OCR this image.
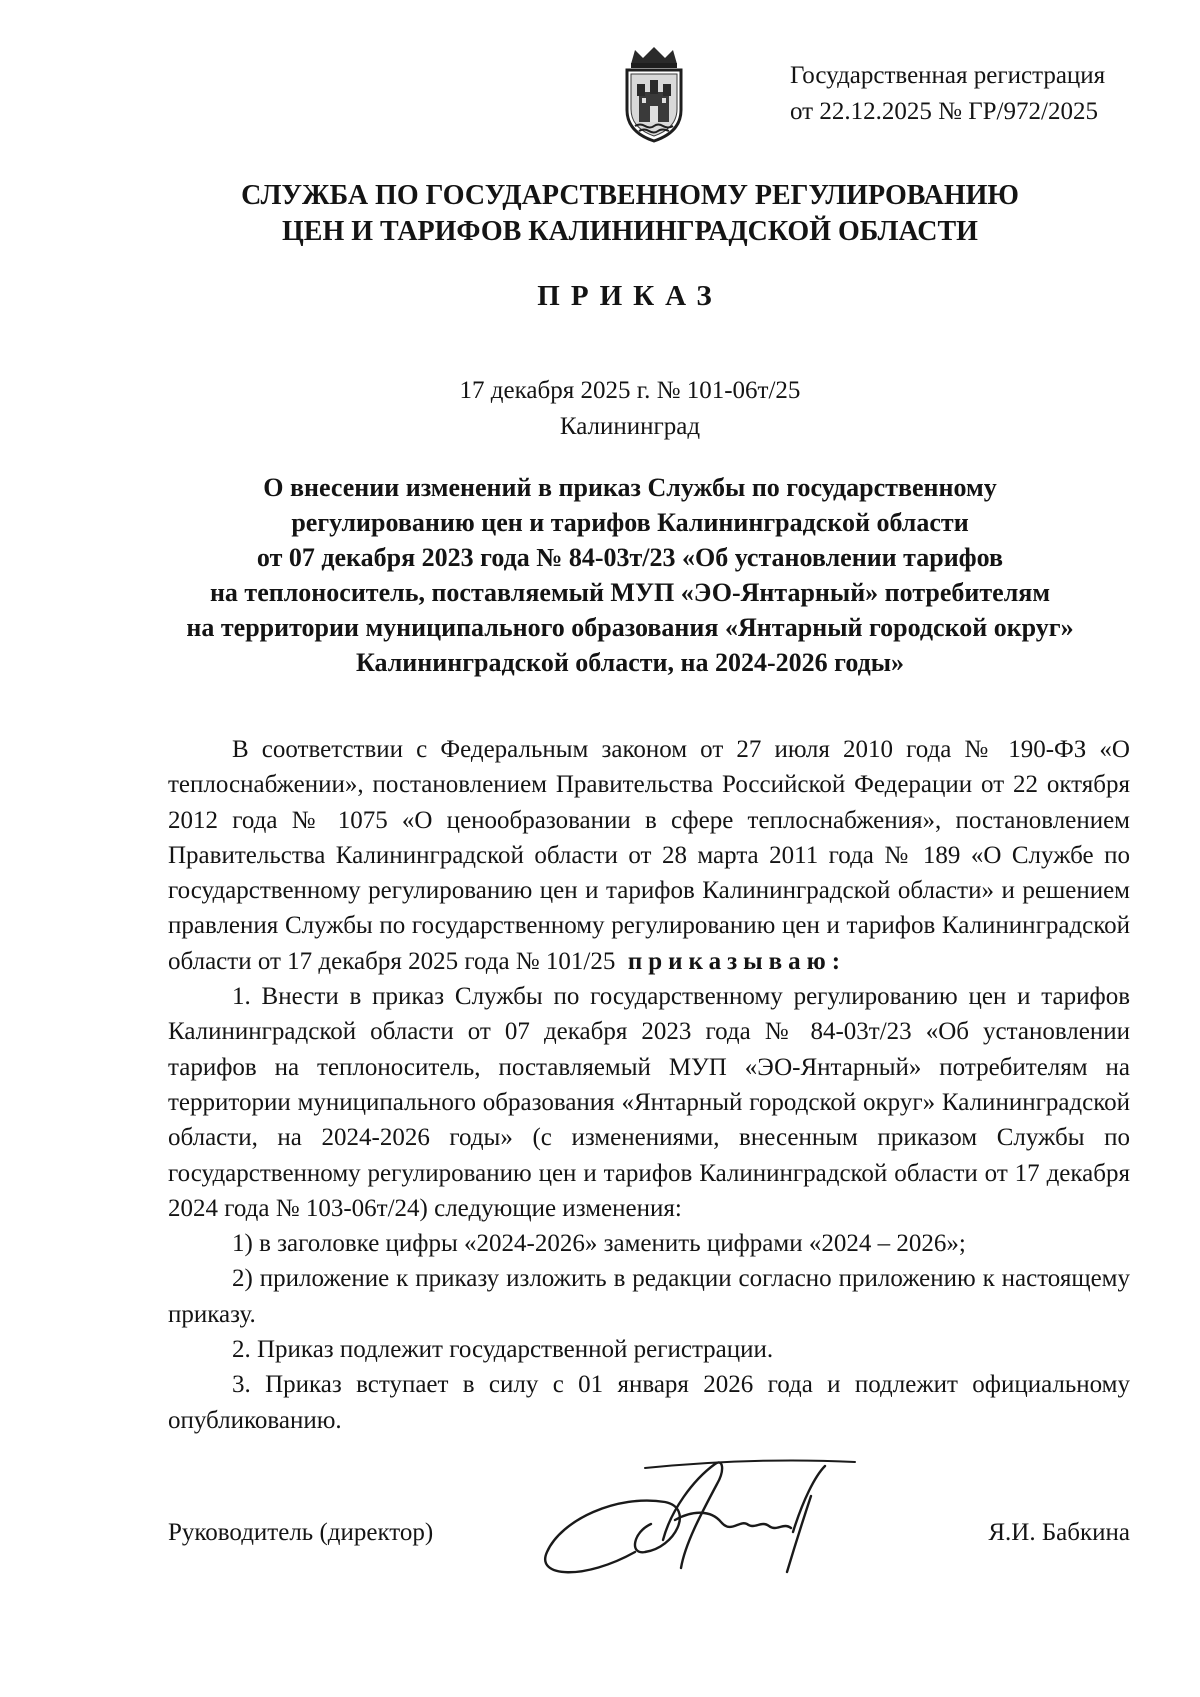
Государственная регистрация
от 22.12.2025 № ГР/972/2025
СЛУЖБА ПО ГОСУДАРСТВЕННОМУ РЕГУЛИРОВАНИЮ
ЦЕН И ТАРИФОВ КАЛИНИНГРАДСКОЙ ОБЛАСТИ
ПРИКАЗ
17 декабря 2025 г. № 101-06т/25
Калининград
О внесении изменений в приказ Службы по государственному
регулированию цен и тарифов Калининградской области
от 07 декабря 2023 года № 84-03т/23 «Об установлении тарифов
на теплоноситель, поставляемый МУП «ЭО-Янтарный» потребителям
на территории муниципального образования «Янтарный городской округ»
Калининградской области, на 2024-2026 годы»

В соответствии с Федеральным законом от 27 июля 2010 года № 190-ФЗ «О теплоснабжении», постановлением Правительства Российской Федерации от 22 октября 2012 года № 1075 «О ценообразовании в сфере теплоснабжения», постановлением Правительства Калининградской области от 28 марта 2011 года № 189 «О Службе по государственному регулированию цен и тарифов Калининградской области» и решением правления Службы по государственному регулированию цен и тарифов Калининградской области от 17 декабря 2025 года № 101/25 приказываю:

1. Внести в приказ Службы по государственному регулированию цен и тарифов Калининградской области от 07 декабря 2023 года № 84-03т/23 «Об установлении тарифов на теплоноситель, поставляемый МУП «ЭО-Янтарный» потребителям на территории муниципального образования «Янтарный городской округ» Калининградской области, на 2024-2026 годы» (с изменениями, внесенным приказом Службы по государственному регулированию цен и тарифов Калининградской области от 17 декабря 2024 года № 103-06т/24) следующие изменения:

1) в заголовке цифры «2024-2026» заменить цифрами «2024 – 2026»;

2) приложение к приказу изложить в редакции согласно приложению к настоящему приказу.

2. Приказ подлежит государственной регистрации.

3. Приказ вступает в силу с 01 января 2026 года и подлежит официальному опубликованию.

Руководитель (директор)	Я.И. Бабкина
